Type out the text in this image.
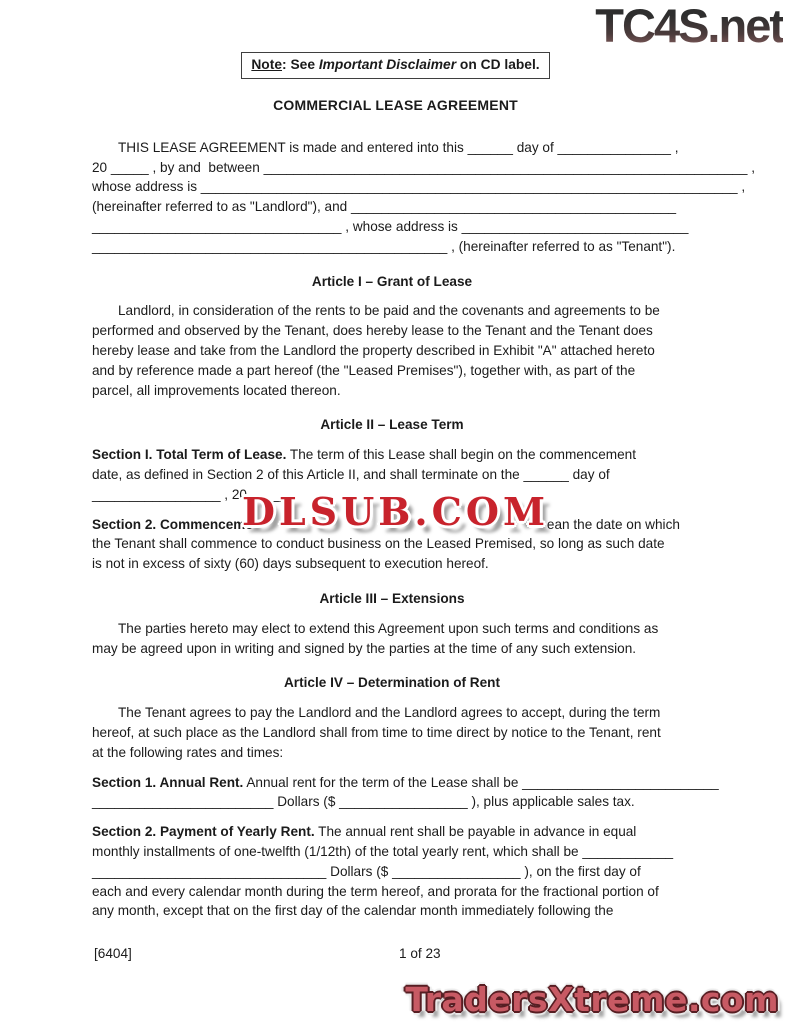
TC4S.net
Note: See Important Disclaimer on CD label.
COMMERCIAL LEASE AGREEMENT
THIS LEASE AGREEMENT is made and entered into this ______ day of _______________ ,
20 _____ , by and  between ________________________________________________________________ ,
whose address is _______________________________________________________________________ ,
(hereinafter referred to as "Landlord"), and ___________________________________________
_________________________________ , whose address is ______________________________
_______________________________________________ , (hereinafter referred to as "Tenant").
Article I – Grant of Lease
Landlord, in consideration of the rents to be paid and the covenants and agreements to be
performed and observed by the Tenant, does hereby lease to the Tenant and the Tenant does
hereby lease and take from the Landlord the property described in Exhibit "A" attached hereto
and by reference made a part hereof (the "Leased Premises"), together with, as part of the
parcel, all improvements located thereon.
Article II – Lease Term
Section I. Total Term of Lease. The term of this Lease shall begin on the commencement
date, as defined in Section 2 of this Article II, and shall terminate on the ______ day of
_________________ , 20 _____ .
Section 2. Commenceme	ean the date on which
the Tenant shall commence to conduct business on the Leased Premised, so long as such date
is not in excess of sixty (60) days subsequent to execution hereof.
DLSUB.COM
Article III – Extensions
The parties hereto may elect to extend this Agreement upon such terms and conditions as
may be agreed upon in writing and signed by the parties at the time of any such extension.
Article IV – Determination of Rent
The Tenant agrees to pay the Landlord and the Landlord agrees to accept, during the term
hereof, at such place as the Landlord shall from time to time direct by notice to the Tenant, rent
at the following rates and times:
Section 1. Annual Rent. Annual rent for the term of the Lease shall be __________________________
________________________ Dollars ($ _________________ ), plus applicable sales tax.
Section 2. Payment of Yearly Rent. The annual rent shall be payable in advance in equal
monthly installments of one-twelfth (1/12th) of the total yearly rent, which shall be ____________
_______________________________ Dollars ($ _________________ ), on the first day of
each and every calendar month during the term hereof, and prorata for the fractional portion of
any month, except that on the first day of the calendar month immediately following the
[6404]	1 of 23
TradersXtreme.com
